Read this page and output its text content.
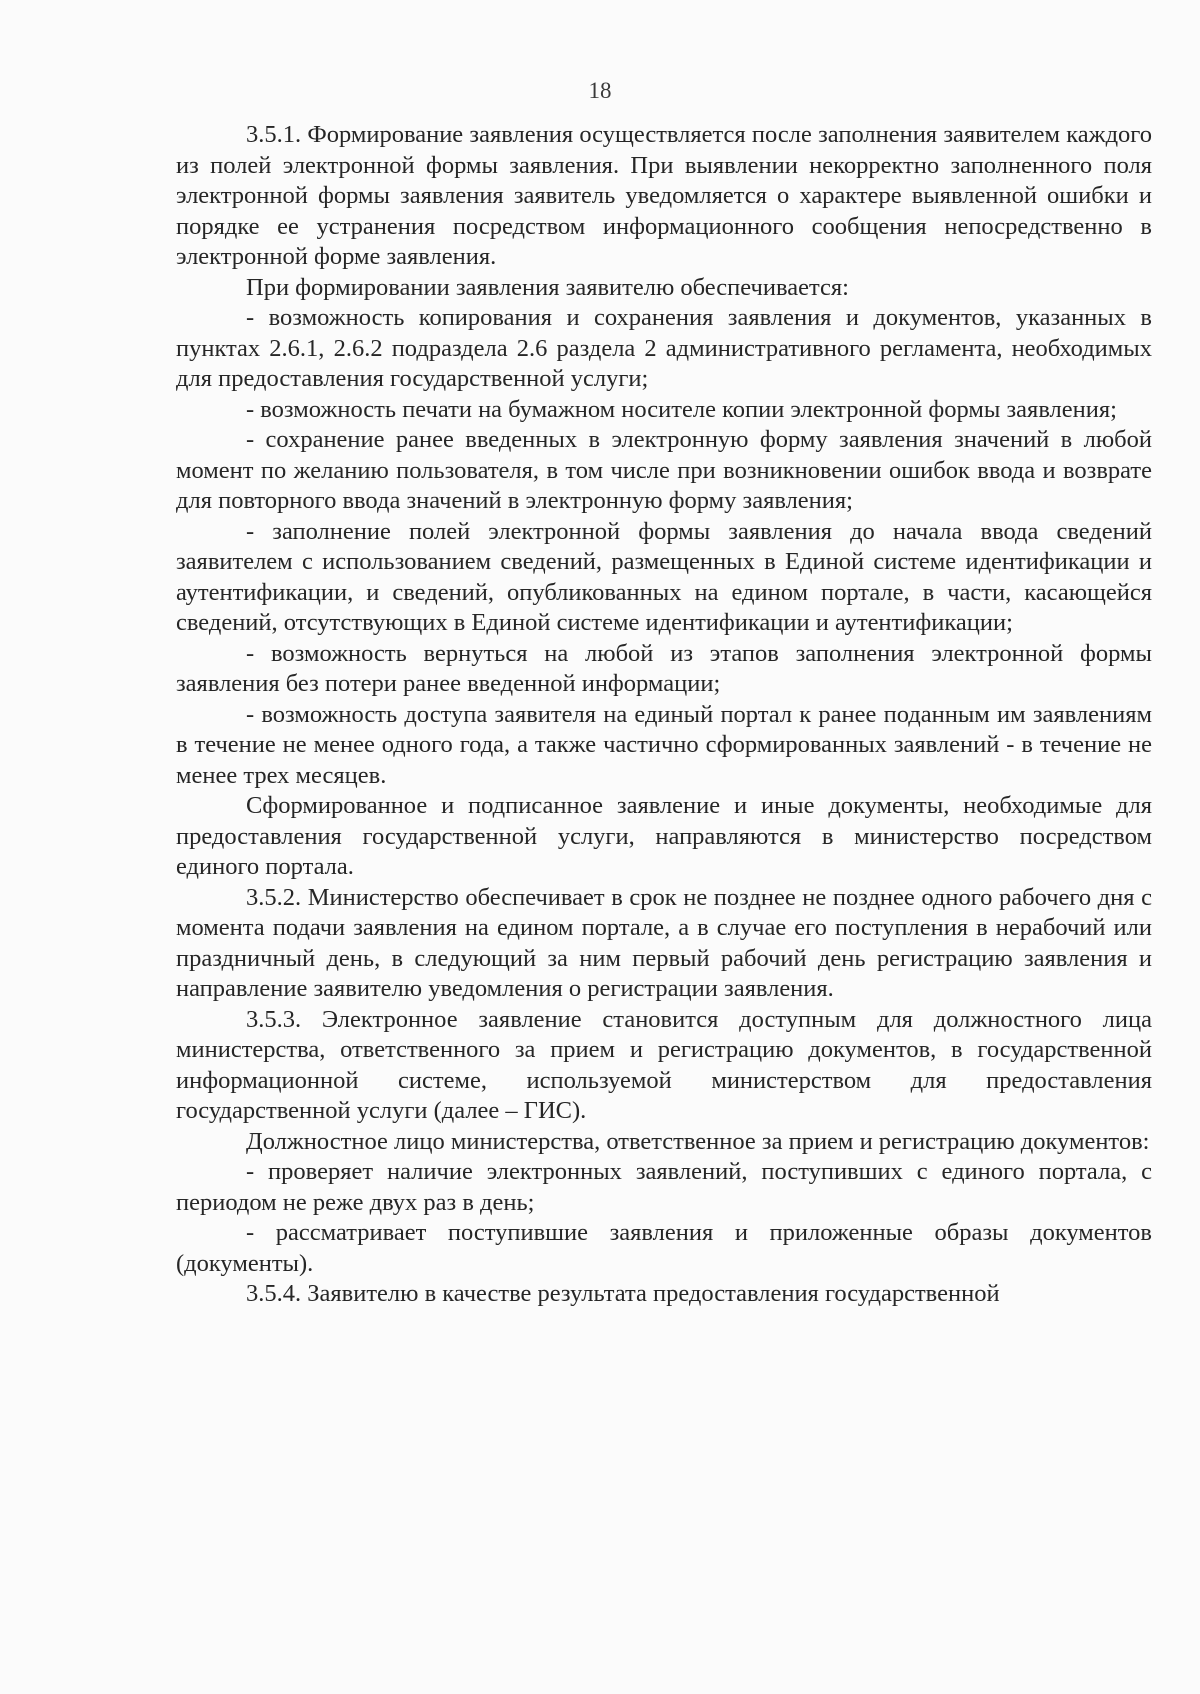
18

3.5.1. Формирование заявления осуществляется после заполнения заявителем каждого из полей электронной формы заявления. При выявлении некорректно заполненного поля электронной формы заявления заявитель уведомляется о характере выявленной ошибки и порядке ее устранения посредством информационного сообщения непосредственно в электронной форме заявления.

При формировании заявления заявителю обеспечивается:

- возможность копирования и сохранения заявления и документов, указанных в пунктах 2.6.1, 2.6.2 подраздела 2.6 раздела 2 административного регламента, необходимых для предоставления государственной услуги;

- возможность печати на бумажном носителе копии электронной формы заявления;

- сохранение ранее введенных в электронную форму заявления значений в любой момент по желанию пользователя, в том числе при возникновении ошибок ввода и возврате для повторного ввода значений в электронную форму заявления;

- заполнение полей электронной формы заявления до начала ввода сведений заявителем с использованием сведений, размещенных в Единой системе идентификации и аутентификации, и сведений, опубликованных на едином портале, в части, касающейся сведений, отсутствующих в Единой системе идентификации и аутентификации;

- возможность вернуться на любой из этапов заполнения электронной формы заявления без потери ранее введенной информации;

- возможность доступа заявителя на единый портал к ранее поданным им заявлениям в течение не менее одного года, а также частично сформированных заявлений - в течение не менее трех месяцев.

Сформированное и подписанное заявление и иные документы, необходимые для предоставления государственной услуги, направляются в министерство посредством единого портала.

3.5.2. Министерство обеспечивает в срок не позднее не позднее одного рабочего дня с момента подачи заявления на едином портале, а в случае его поступления в нерабочий или праздничный день, в следующий за ним первый рабочий день регистрацию заявления и направление заявителю уведомления о регистрации заявления.

3.5.3. Электронное заявление становится доступным для должностного лица министерства, ответственного за прием и регистрацию документов, в государственной информационной системе, используемой министерством для предоставления государственной услуги (далее – ГИС).

Должностное лицо министерства, ответственное за прием и регистрацию документов:

- проверяет наличие электронных заявлений, поступивших с единого портала, с периодом не реже двух раз в день;

- рассматривает поступившие заявления и приложенные образы документов (документы).

3.5.4. Заявителю в качестве результата предоставления государственной
